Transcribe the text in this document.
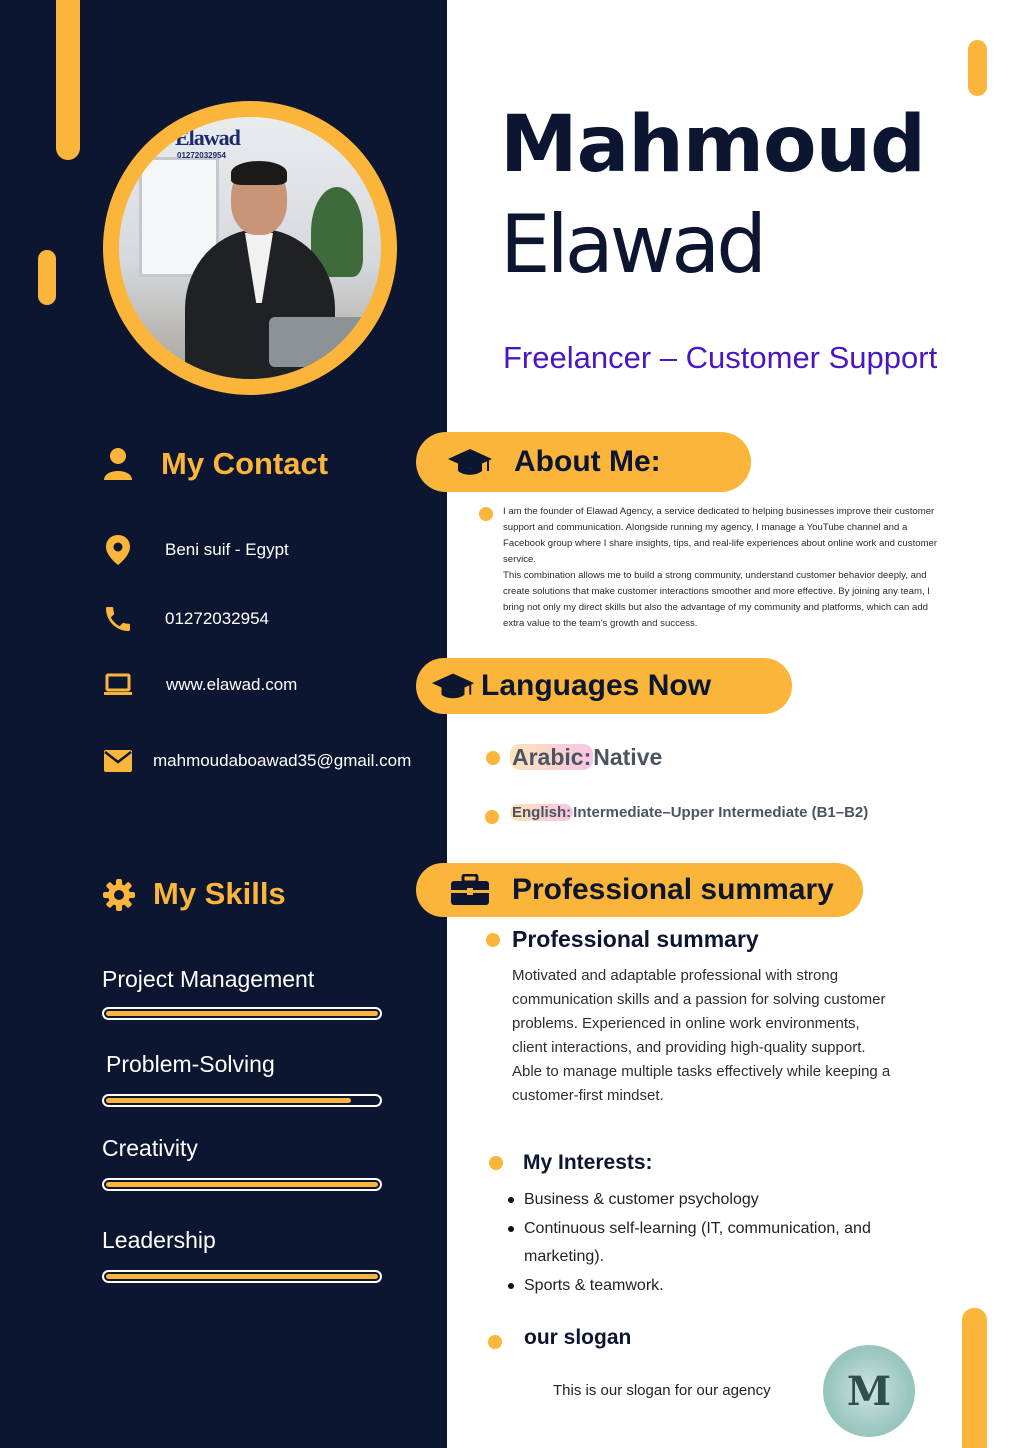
Elawad
01272032954
My Contact
Beni suif - Egypt
01272032954
www.elawad.com
mahmoudaboawad35@gmail.com
My Skills
Project Management
Problem-Solving
Creativity
Leadership
Mahmoud
Elawad
Freelancer – Customer Support
About Me:
I am the founder of Elawad Agency, a service dedicated to helping businesses improve their customer support and communication. Alongside running my agency, I manage a YouTube channel and a Facebook group where I share insights, tips, and real-life experiences about online work and customer service.
This combination allows me to build a strong community, understand customer behavior deeply, and create solutions that make customer interactions smoother and more effective. By joining any team, I bring not only my direct skills but also the advantage of my community and platforms, which can add extra value to the team’s growth and success.
Languages Now
Arabic:Native
English: Intermediate–Upper Intermediate (B1–B2)
Professional summary
Professional summary
Motivated and adaptable professional with strong communication skills and a passion for solving customer problems. Experienced in online work environments, client interactions, and providing high-quality support. Able to manage multiple tasks effectively while keeping a customer-first mindset.
My Interests:
Business & customer psychology
Continuous self-learning (IT, communication, and marketing).
Sports & teamwork.
our slogan
This is our slogan for our agency M
